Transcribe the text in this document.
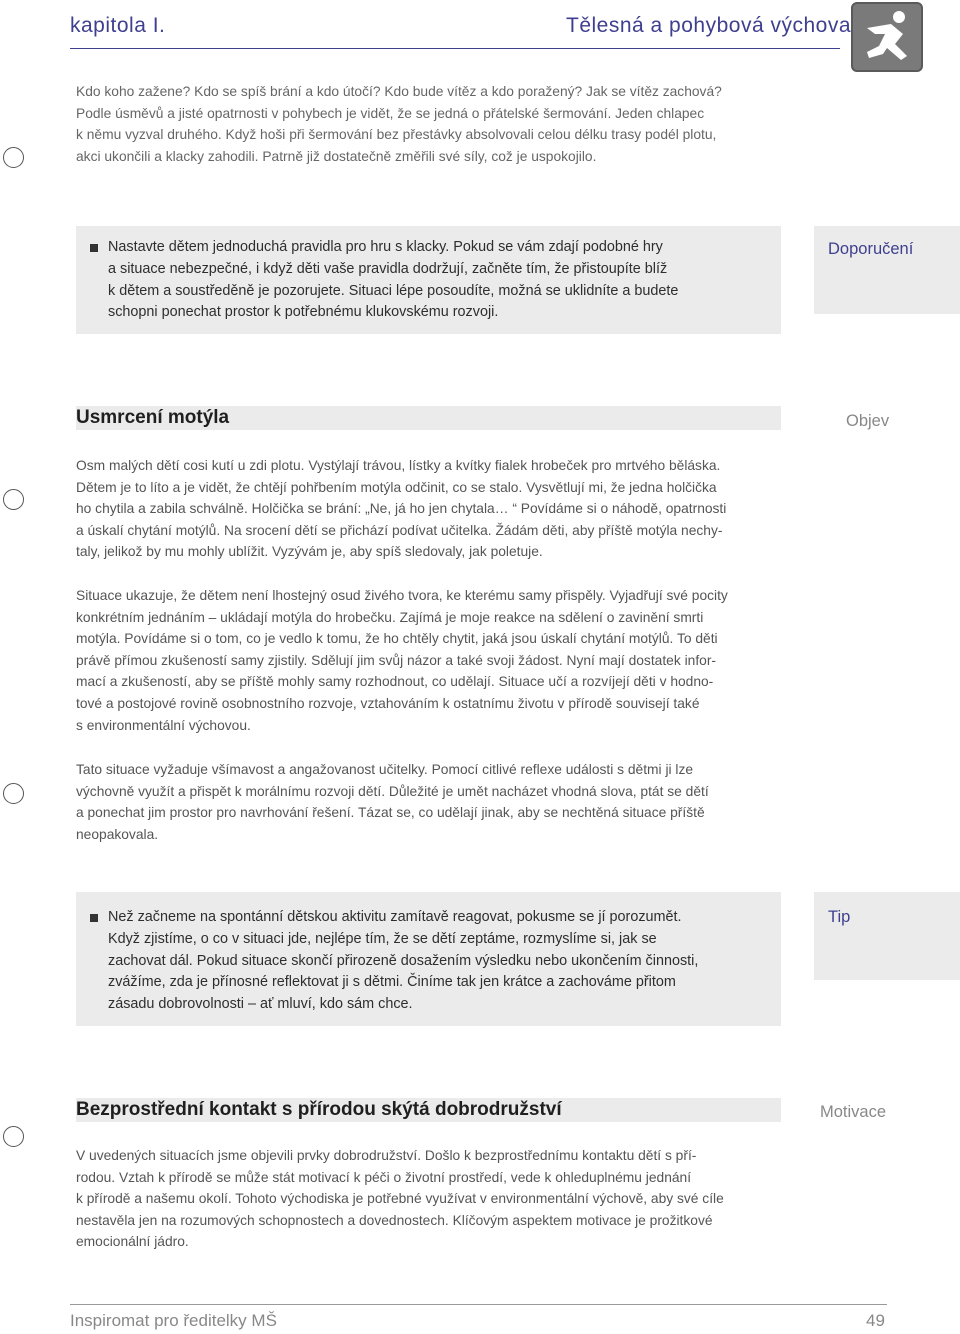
kapitola I.	Tělesná a pohybová výchova

Kdo koho zažene? Kdo se spíš brání a kdo útočí? Kdo bude vítěz a kdo poražený? Jak se vítěz zachová?

Podle úsměvů a jisté opatrnosti v pohybech je vidět, že se jedná o přátelské šermování. Jeden chlapec

k němu vyzval druhého. Když hoši při šermování bez přestávky absolvovali celou délku trasy podél plotu,

akci ukončili a klacky zahodili. Patrně již dostatečně změřili své síly, což je uspokojilo.

Nastavte dětem jednoduchá pravidla pro hru s klacky. Pokud se vám zdají podobné hry

a situace nebezpečné, i když děti vaše pravidla dodržují, začněte tím, že přistoupíte blíž

k dětem a soustředěně je pozorujete. Situaci lépe posoudíte, možná se uklidníte a budete

schopni ponechat prostor k potřebnému klukovskému rozvoji.

Doporučení
Usmrcení motýla	Objev

Osm malých dětí cosi kutí u zdi plotu. Vystýlají trávou, lístky a kvítky fialek hrobeček pro mrtvého běláska.

Dětem je to líto a je vidět, že chtějí pohřbením motýla odčinit, co se stalo. Vysvětlují mi, že jedna holčička

ho chytila a zabila schválně. Holčička se brání: „Ne, já ho jen chytala… “ Povídáme si o náhodě, opatrnosti

a úskalí chytání motýlů. Na srocení dětí se přichází podívat učitelka. Žádám děti, aby příště motýla nechy-

taly, jelikož by mu mohly ublížit. Vyzývám je, aby spíš sledovaly, jak poletuje.

Situace ukazuje, že dětem není lhostejný osud živého tvora, ke kterému samy přispěly. Vyjadřují své pocity

konkrétním jednáním – ukládají motýla do hrobečku. Zajímá je moje reakce na sdělení o zavinění smrti

motýla. Povídáme si o tom, co je vedlo k tomu, že ho chtěly chytit, jaká jsou úskalí chytání motýlů. To děti

právě přímou zkušeností samy zjistily. Sdělují jim svůj názor a také svoji žádost. Nyní mají dostatek infor-

mací a zkušeností, aby se příště mohly samy rozhodnout, co udělají. Situace učí a rozvíjejí děti v hodno-

tové a postojové rovině osobnostního rozvoje, vztahováním k ostatnímu životu v přírodě souvisejí také

s environmentální výchovou.

Tato situace vyžaduje všímavost a angažovanost učitelky. Pomocí citlivé reflexe události s dětmi ji lze

výchovně využít a přispět k morálnímu rozvoji dětí. Důležité je umět nacházet vhodná slova, ptát se dětí

a ponechat jim prostor pro navrhování řešení. Tázat se, co udělají jinak, aby se nechtěná situace příště

neopakovala.

Než začneme na spontánní dětskou aktivitu zamítavě reagovat, pokusme se jí porozumět.

Když zjistíme, o co v situaci jde, nejlépe tím, že se dětí zeptáme, rozmyslíme si, jak se

zachovat dál. Pokud situace skončí přirozeně dosažením výsledku nebo ukončením činnosti,

zvážíme, zda je přínosné reflektovat ji s dětmi. Činíme tak jen krátce a zachováme přitom

zásadu dobrovolnosti – ať mluví, kdo sám chce.

Tip
Bezprostřední kontakt s přírodou skýtá dobrodružství	Motivace

V uvedených situacích jsme objevili prvky dobrodružství. Došlo k bezprostřednímu kontaktu dětí s pří-

rodou. Vztah k přírodě se může stát motivací k péči o životní prostředí, vede k ohleduplnému jednání

k přírodě a našemu okolí. Tohoto východiska je potřebné využívat v environmentální výchově, aby své cíle

nestavěla jen na rozumových schopnostech a dovednostech. Klíčovým aspektem motivace je prožitkové

emocionální jádro.

Inspiromat pro ředitelky MŠ	49
